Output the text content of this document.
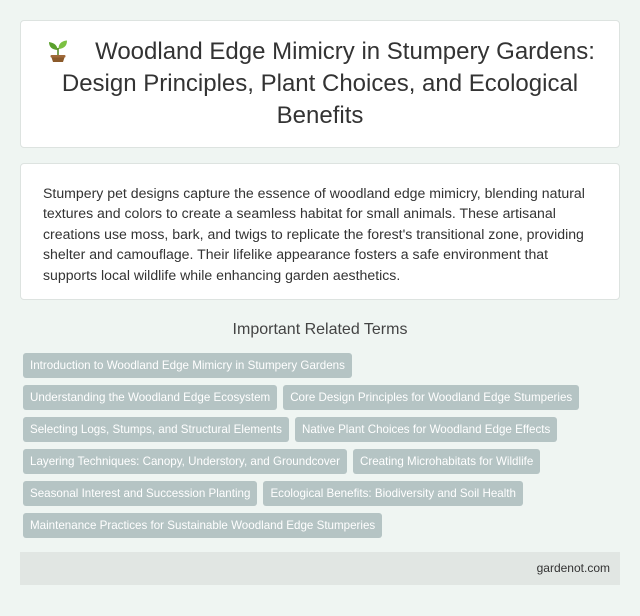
Woodland Edge Mimicry in Stumpery Gardens: Design Principles, Plant Choices, and Ecological Benefits

Stumpery pet designs capture the essence of woodland edge mimicry, blending natural textures and colors to create a seamless habitat for small animals. These artisanal creations use moss, bark, and twigs to replicate the forest's transitional zone, providing shelter and camouflage. Their lifelike appearance fosters a safe environment that supports local wildlife while enhancing garden aesthetics.

Important Related Terms
Introduction to Woodland Edge Mimicry in Stumpery Gardens
Understanding the Woodland Edge Ecosystem Core Design Principles for Woodland Edge Stumperies
Selecting Logs, Stumps, and Structural Elements Native Plant Choices for Woodland Edge Effects
Layering Techniques: Canopy, Understory, and Groundcover Creating Microhabitats for Wildlife
Seasonal Interest and Succession Planting Ecological Benefits: Biodiversity and Soil Health
Maintenance Practices for Sustainable Woodland Edge Stumperies
gardenot.com
